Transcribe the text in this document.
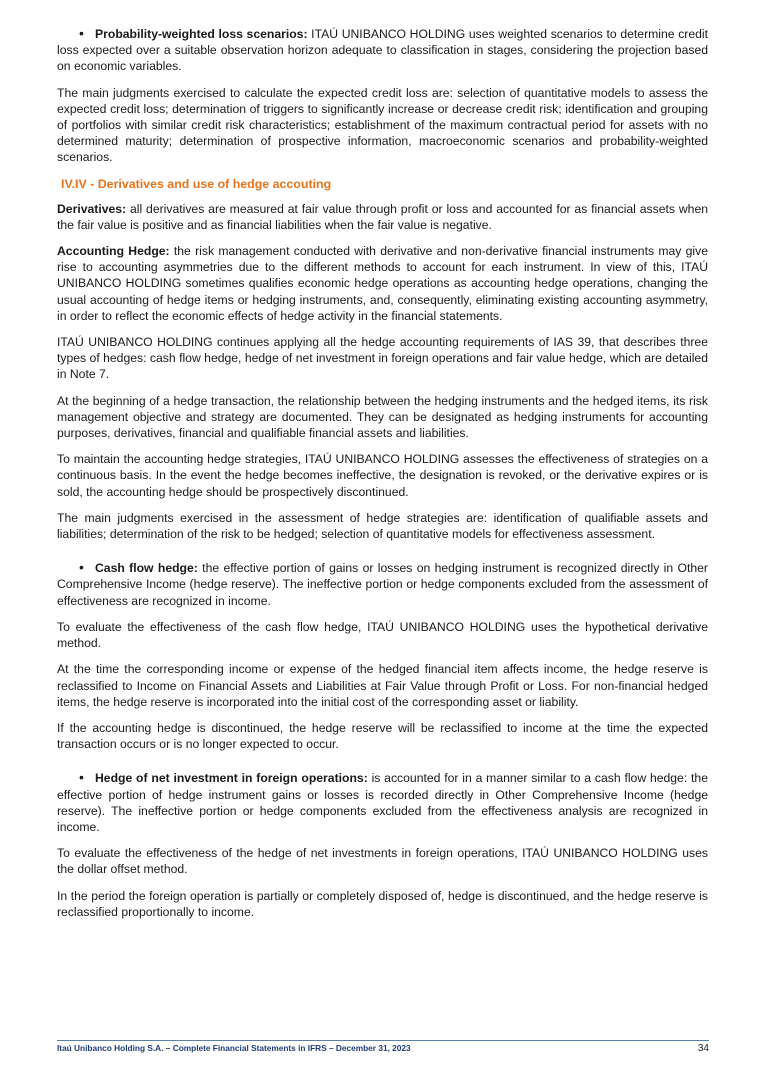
• Probability-weighted loss scenarios: ITAÚ UNIBANCO HOLDING uses weighted scenarios to determine credit loss expected over a suitable observation horizon adequate to classification in stages, considering the projection based on economic variables.

The main judgments exercised to calculate the expected credit loss are: selection of quantitative models to assess the expected credit loss; determination of triggers to significantly increase or decrease credit risk; identification and grouping of portfolios with similar credit risk characteristics; establishment of the maximum contractual period for assets with no determined maturity; determination of prospective information, macroeconomic scenarios and probability-weighted scenarios.

IV.IV - Derivatives and use of hedge accouting

Derivatives: all derivatives are measured at fair value through profit or loss and accounted for as financial assets when the fair value is positive and as financial liabilities when the fair value is negative.

Accounting Hedge: the risk management conducted with derivative and non-derivative financial instruments may give rise to accounting asymmetries due to the different methods to account for each instrument. In view of this, ITAÚ UNIBANCO HOLDING sometimes qualifies economic hedge operations as accounting hedge operations, changing the usual accounting of hedge items or hedging instruments, and, consequently, eliminating existing accounting asymmetry, in order to reflect the economic effects of hedge activity in the financial statements.

ITAÚ UNIBANCO HOLDING continues applying all the hedge accounting requirements of IAS 39, that describes three types of hedges: cash flow hedge, hedge of net investment in foreign operations and fair value hedge, which are detailed in Note 7.

At the beginning of a hedge transaction, the relationship between the hedging instruments and the hedged items, its risk management objective and strategy are documented. They can be designated as hedging instruments for accounting purposes, derivatives, financial and qualifiable financial assets and liabilities.

To maintain the accounting hedge strategies, ITAÚ UNIBANCO HOLDING assesses the effectiveness of strategies on a continuous basis. In the event the hedge becomes ineffective, the designation is revoked, or the derivative expires or is sold, the accounting hedge should be prospectively discontinued.

The main judgments exercised in the assessment of hedge strategies are: identification of qualifiable assets and liabilities; determination of the risk to be hedged; selection of quantitative models for effectiveness assessment.

• Cash flow hedge: the effective portion of gains or losses on hedging instrument is recognized directly in Other Comprehensive Income (hedge reserve). The ineffective portion or hedge components excluded from the assessment of effectiveness are recognized in income.

To evaluate the effectiveness of the cash flow hedge, ITAÚ UNIBANCO HOLDING uses the hypothetical derivative method.

At the time the corresponding income or expense of the hedged financial item affects income, the hedge reserve is reclassified to Income on Financial Assets and Liabilities at Fair Value through Profit or Loss. For non-financial hedged items, the hedge reserve is incorporated into the initial cost of the corresponding asset or liability.

If the accounting hedge is discontinued, the hedge reserve will be reclassified to income at the time the expected transaction occurs or is no longer expected to occur.

• Hedge of net investment in foreign operations: is accounted for in a manner similar to a cash flow hedge: the effective portion of hedge instrument gains or losses is recorded directly in Other Comprehensive Income (hedge reserve). The ineffective portion or hedge components excluded from the effectiveness analysis are recognized in income.

To evaluate the effectiveness of the hedge of net investments in foreign operations, ITAÚ UNIBANCO HOLDING uses the dollar offset method.

In the period the foreign operation is partially or completely disposed of, hedge is discontinued, and the hedge reserve is reclassified proportionally to income.

Itaú Unibanco Holding S.A. – Complete Financial Statements in IFRS – December 31, 2023	34
